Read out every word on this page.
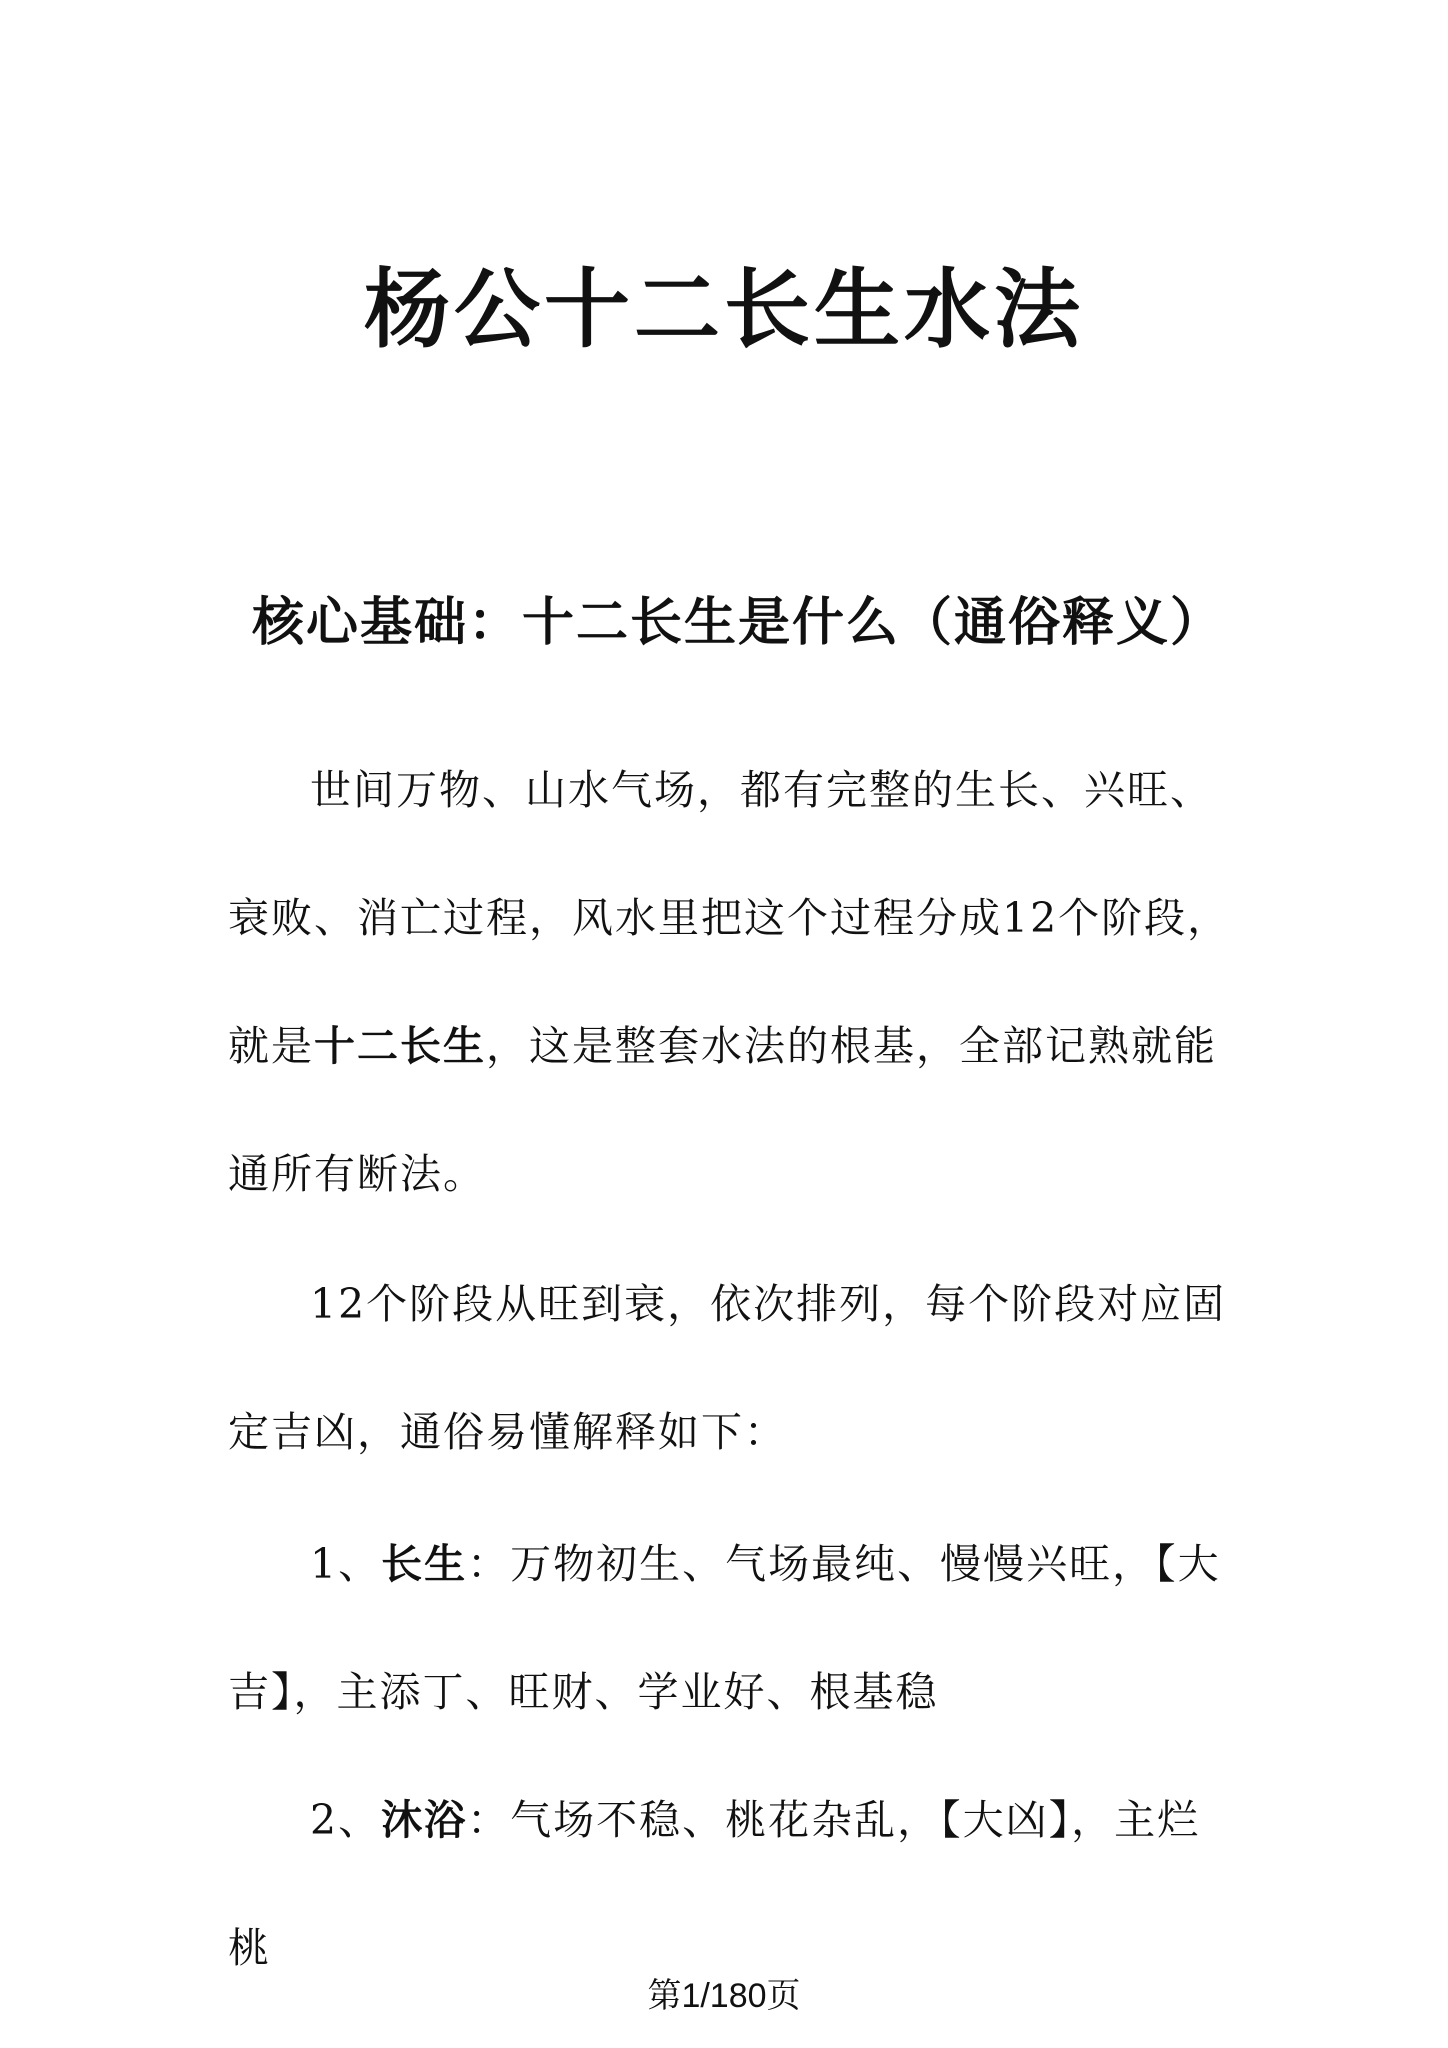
杨公十二长生水法
核心基础：十二长生是什么（通俗释义）

世间万物、山水气场，都有完整的生长、兴旺、衰败、消亡过程，风水里把这个过程分成12个阶段，就是十二长生，这是整套水法的根基，全部记熟就能通所有断法。

12个阶段从旺到衰，依次排列，每个阶段对应固定吉凶，通俗易懂解释如下：

1、长生：万物初生、气场最纯、慢慢兴旺，【大吉】，主添丁、旺财、学业好、根基稳

2、沐浴：气场不稳、桃花杂乱，【大凶】，主烂桃

第1/180页
